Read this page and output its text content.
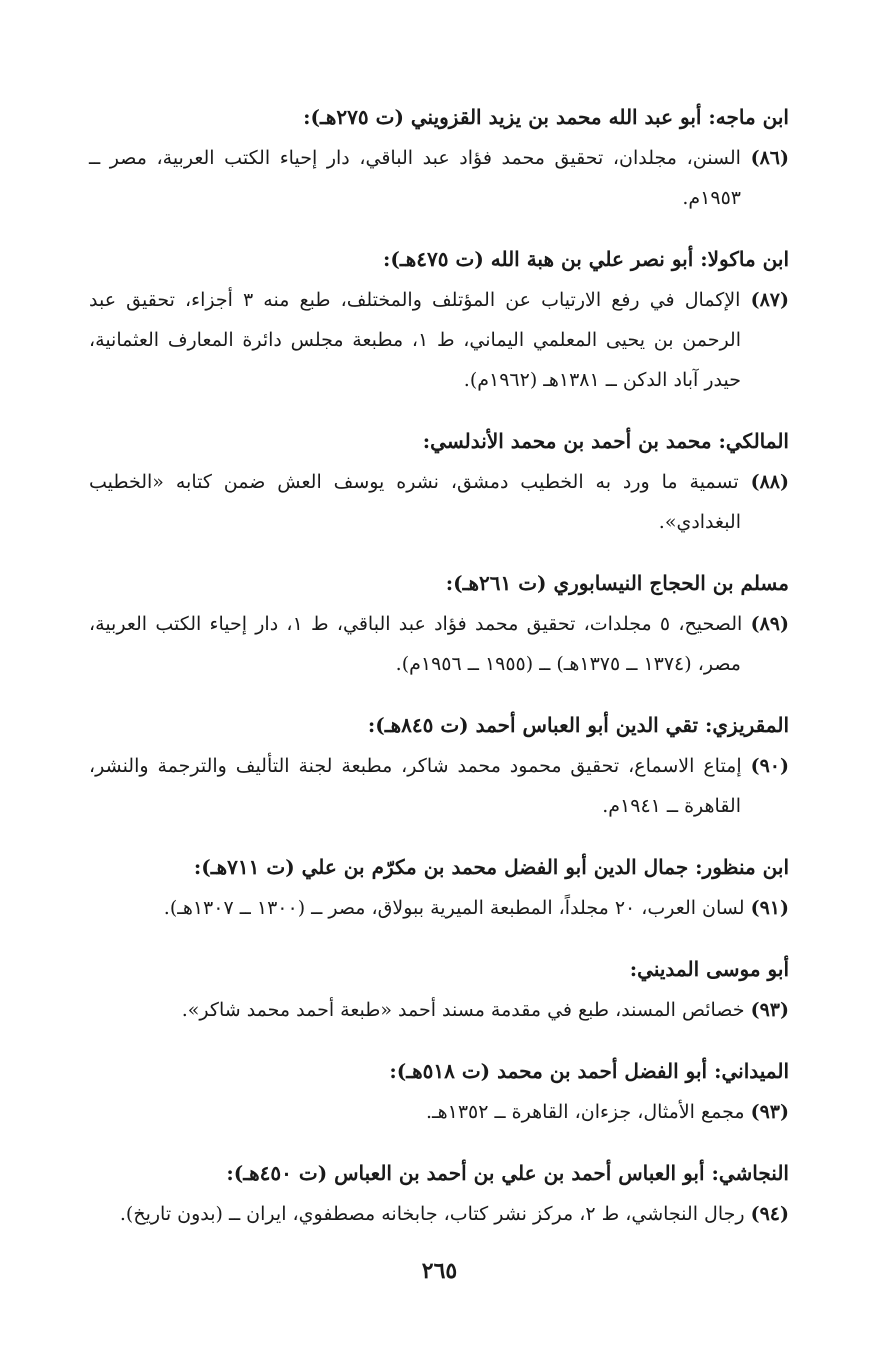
ابن ماجه: أبو عبد الله محمد بن يزيد القزويني (ت ٢٧٥هـ):
(٨٦) السنن، مجلدان، تحقيق محمد فؤاد عبد الباقي، دار إحياء الكتب العربية، مصر ــ ١٩٥٣م.
ابن ماكولا: أبو نصر علي بن هبة الله (ت ٤٧٥هـ):
(٨٧) الإكمال في رفع الارتياب عن المؤتلف والمختلف، طبع منه ٣ أجزاء، تحقيق عبد الرحمن بن يحيى المعلمي اليماني، ط ١، مطبعة مجلس دائرة المعارف العثمانية، حيدر آباد الدكن ــ ١٣٨١هـ (١٩٦٢م).
المالكي: محمد بن أحمد بن محمد الأندلسي:
(٨٨) تسمية ما ورد به الخطيب دمشق، نشره يوسف العش ضمن كتابه «الخطيب البغدادي».
مسلم بن الحجاج النيسابوري (ت ٢٦١هـ):
(٨٩) الصحيح، ٥ مجلدات، تحقيق محمد فؤاد عبد الباقي، ط ١، دار إحياء الكتب العربية، مصر، (١٣٧٤ ــ ١٣٧٥هـ) ــ (١٩٥٥ ــ ١٩٥٦م).
المقريزي: تقي الدين أبو العباس أحمد (ت ٨٤٥هـ):
(٩٠) إمتاع الاسماع، تحقيق محمود محمد شاكر، مطبعة لجنة التأليف والترجمة والنشر، القاهرة ــ ١٩٤١م.
ابن منظور: جمال الدين أبو الفضل محمد بن مكرّم بن علي (ت ٧١١هـ):
(٩١) لسان العرب، ٢٠ مجلداً، المطبعة الميرية ببولاق، مصر ــ (١٣٠٠ ــ ١٣٠٧هـ).
أبو موسى المديني:
(٩٣) خصائص المسند، طبع في مقدمة مسند أحمد «طبعة أحمد محمد شاكر».
الميداني: أبو الفضل أحمد بن محمد (ت ٥١٨هـ):
(٩٣) مجمع الأمثال، جزءان، القاهرة ــ ١٣٥٢هـ.
النجاشي: أبو العباس أحمد بن علي بن أحمد بن العباس (ت ٤٥٠هـ):
(٩٤) رجال النجاشي، ط ٢، مركز نشر كتاب، جابخانه مصطفوي، ايران ــ (بدون تاريخ).
٢٦٥
